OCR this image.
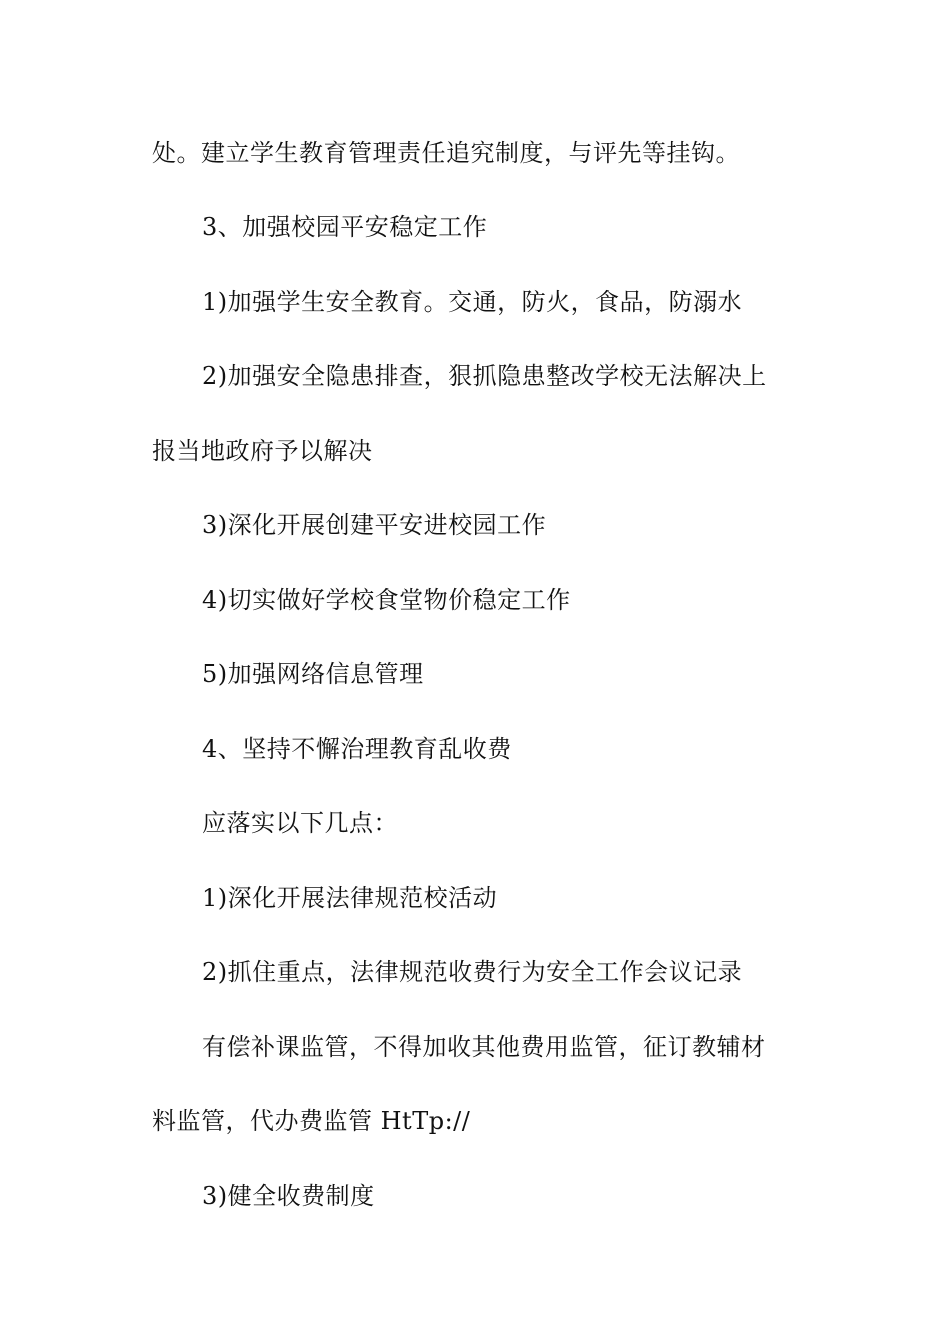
处。建立学生教育管理责任追究制度，与评先等挂钩。
3、加强校园平安稳定工作
1)加强学生安全教育。交通，防火，食品，防溺水
2)加强安全隐患排查，狠抓隐患整改学校无法解决上
报当地政府予以解决
3)深化开展创建平安进校园工作
4)切实做好学校食堂物价稳定工作
5)加强网络信息管理
4、坚持不懈治理教育乱收费
应落实以下几点：
1)深化开展法律规范校活动
2)抓住重点，法律规范收费行为安全工作会议记录
有偿补课监管，不得加收其他费用监管，征订教辅材
料监管，代办费监管 HtTp://
3)健全收费制度
